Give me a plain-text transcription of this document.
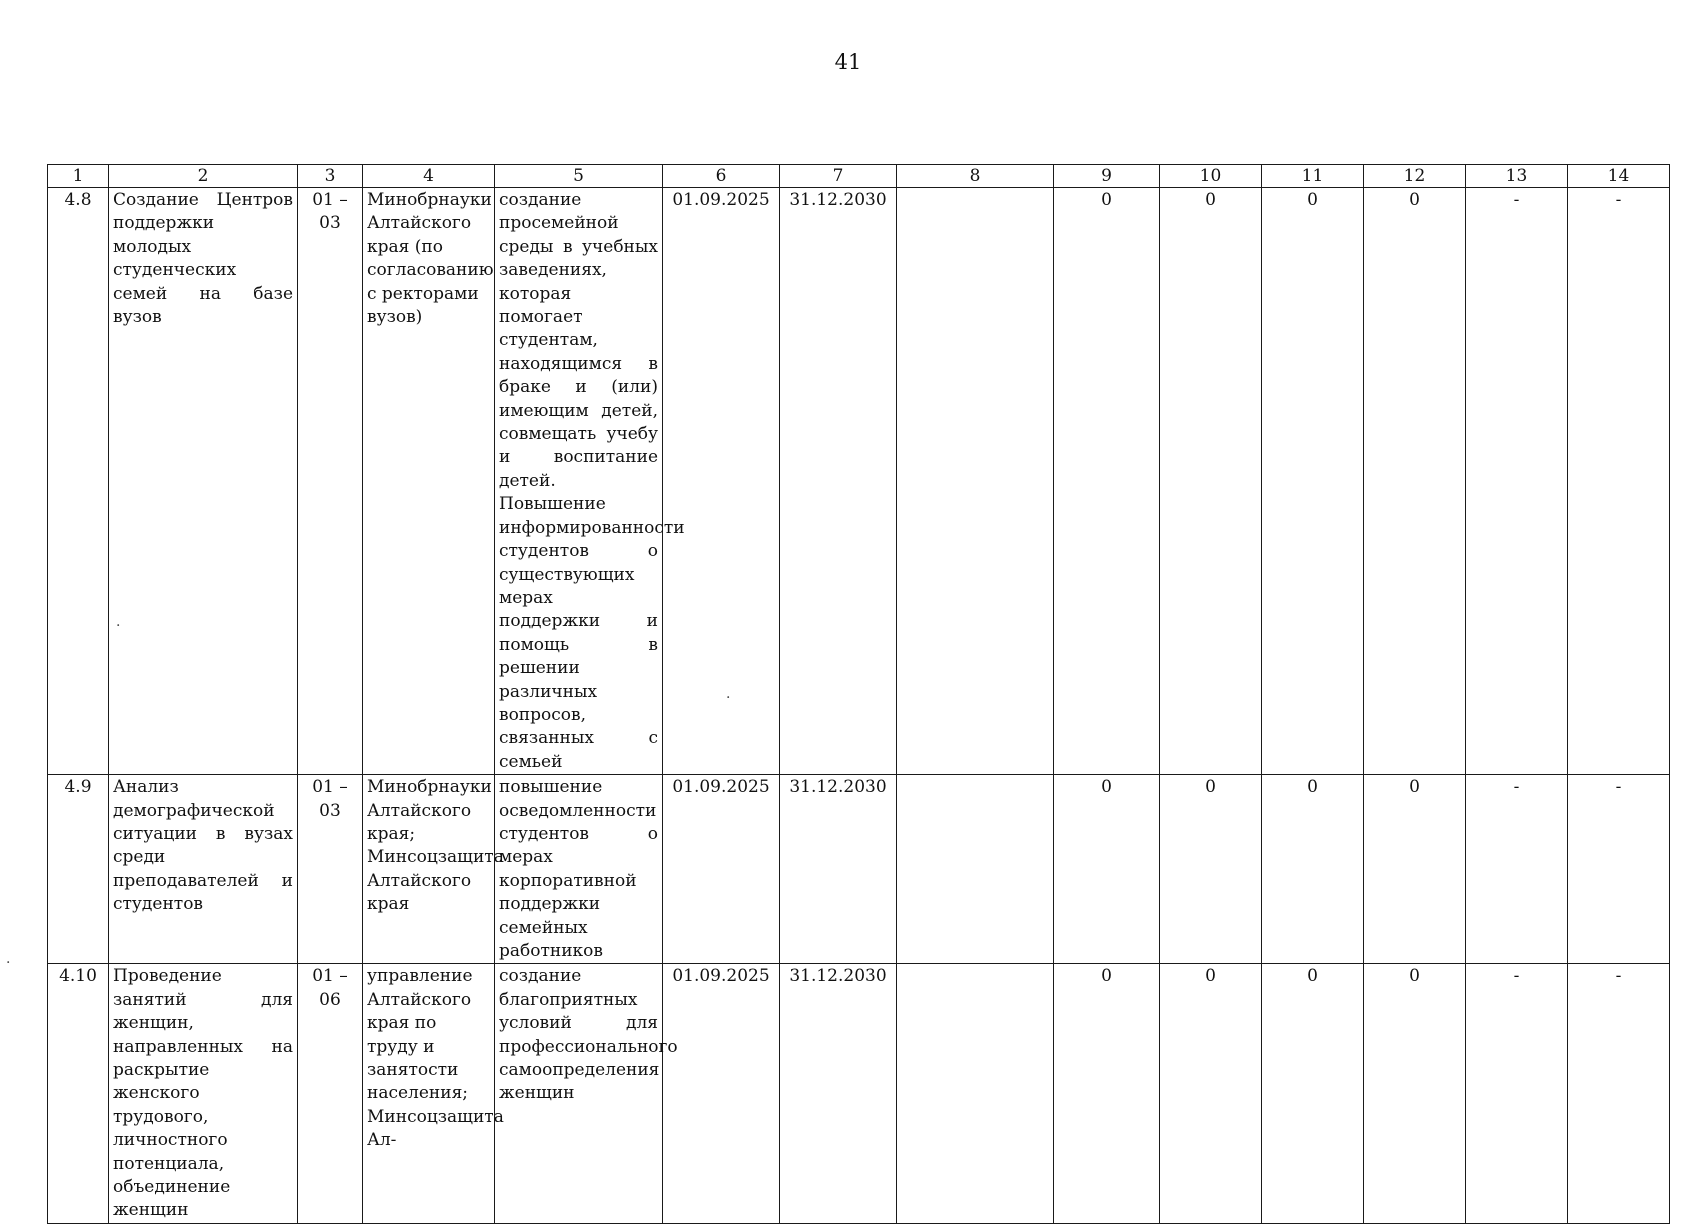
41
1	2	3	4	5	6	7	8	9	10	11	12	13	14
4.8	Создание Центров поддержки молодых студенческих семей на базе вузов	01 – 03	Минобрнауки Алтайского края (по согласованию с ректорами вузов)	создание просемейной среды в учебных заведениях, которая помогает студентам, находящимся в браке и (или) имеющим детей, совмещать учебу и воспитание детей. Повышение информированности студентов о существующих мерах поддержки и помощь в решении различных вопросов, связанных с семьей	01.09.2025	31.12.2030		0	0	0	0	-	-
4.9	Анализ демографической ситуации в вузах среди преподавателей и студентов	01 – 03	Минобрнауки Алтайского края; Минсоцзащита Алтайского края	повышение осведомленности студентов о мерах корпоративной поддержки семейных работников	01.09.2025	31.12.2030		0	0	0	0	-	-
4.10	Проведение занятий для женщин, направленных на раскрытие женского трудового, личностного потенциала, объединение женщин	01 – 06	управление Алтайского края по труду и занятости населения; Минсоцзащита Ал-	создание благоприятных условий для профессионального самоопределения женщин	01.09.2025	31.12.2030		0	0	0	0	-	-
·
·
·
